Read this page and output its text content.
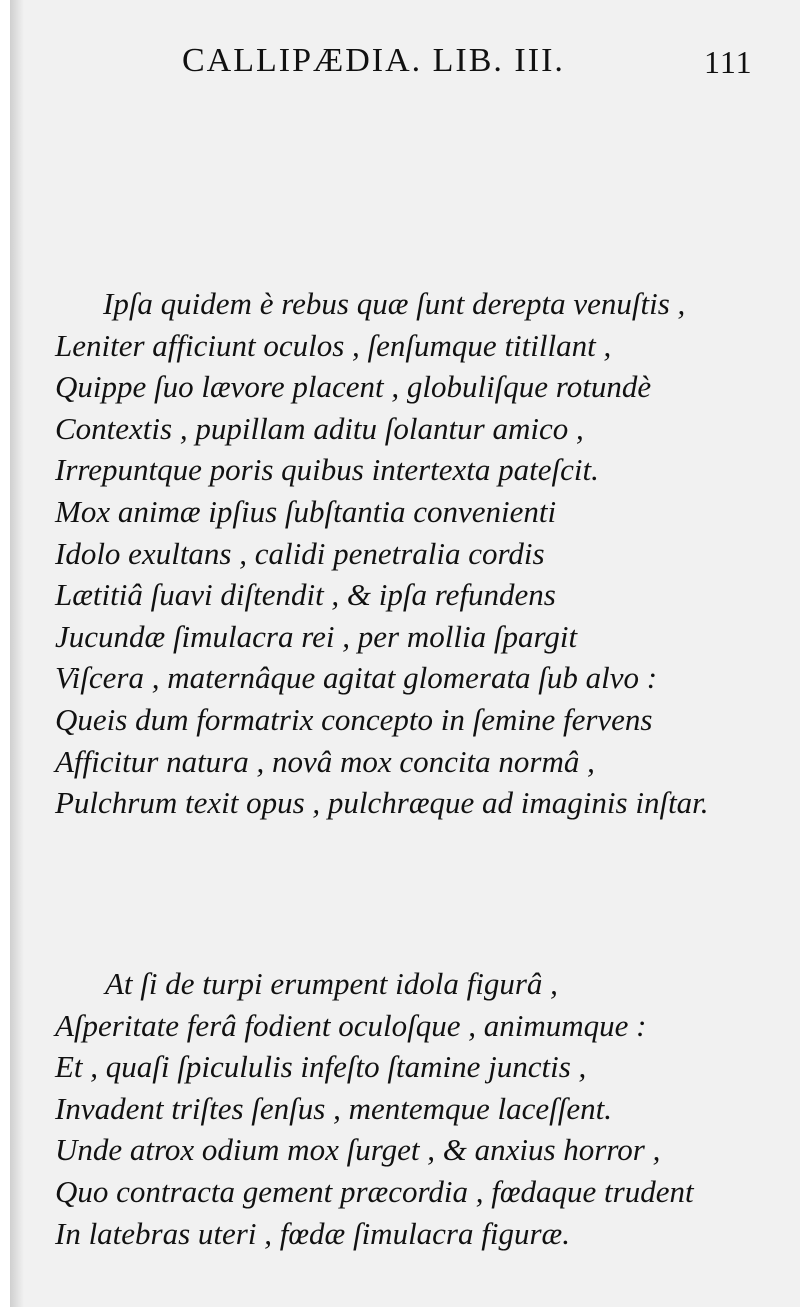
CALLIPÆDIA. LIB. III.	111
Ipſa quidem è rebus quæ ſunt derepta venuſtis ,
Leniter afficiunt oculos , ſenſumque titillant ,
Quippe ſuo lævore placent , globuliſque rotundè
Contextis , pupillam aditu ſolantur amico ,
Irrepuntque poris quibus intertexta pateſcit.
Mox animæ ipſius ſubſtantia convenienti
Idolo exultans , calidi penetralia cordis
Lætitiâ ſuavi diſtendit , & ipſa refundens
Jucundæ ſimulacra rei , per mollia ſpargit
Viſcera , maternâque agitat glomerata ſub alvo :
Queis dum formatrix concepto in ſemine fervens
Afficitur natura , novâ mox concita normâ ,
Pulchrum texit opus , pulchræque ad imaginis inſtar.
At ſi de turpi erumpent idola figurâ ,
Aſperitate ferâ fodient oculoſque , animumque :
Et , quaſi ſpicululis infeſto ſtamine junctis ,
Invadent triſtes ſenſus , mentemque laceſſent.
Unde atrox odium mox ſurget , & anxius horror ,
Quo contracta gement præcordia , fœdaque trudent
In latebras uteri , fœdæ ſimulacra figuræ.
